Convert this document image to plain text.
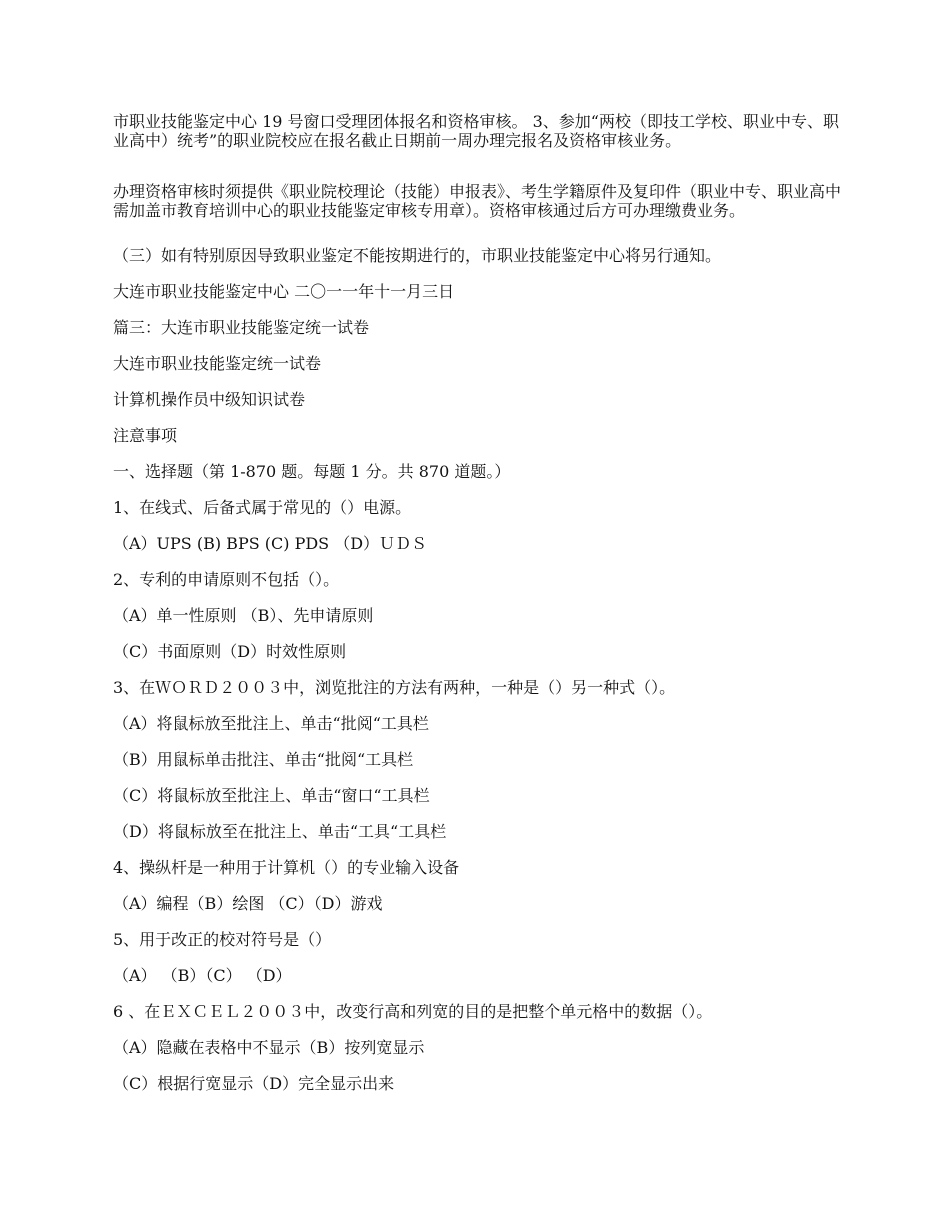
市职业技能鉴定中心 19 号窗口受理团体报名和资格审核。 3、参加“两校（即技工学校、职业中专、职业高中）统考”的职业院校应在报名截止日期前一周办理完报名及资格审核业务。

办理资格审核时须提供《职业院校理论（技能）申报表》、考生学籍原件及复印件（职业中专、职业高中需加盖市教育培训中心的职业技能鉴定审核专用章）。资格审核通过后方可办理缴费业务。

（三）如有特别原因导致职业鉴定不能按期进行的，市职业技能鉴定中心将另行通知。

大连市职业技能鉴定中心 二〇一一年十一月三日

篇三：大连市职业技能鉴定统一试卷

大连市职业技能鉴定统一试卷

计算机操作员中级知识试卷

注意事项

一、选择题（第 1-870 题。每题 1 分。共 870 道题。）

1、在线式、后备式属于常见的（）电源。

（A）UPS (B) BPS (C) PDS （D）ＵＤＳ

2、专利的申请原则不包括（）。

（A）单一性原则 （B）、先申请原则

（C）书面原则（D）时效性原则

3、在ＷＯＲＤ２００３中，浏览批注的方法有两种，一种是（）另一种式（）。

（A）将鼠标放至批注上、单击“批阅“工具栏

（B）用鼠标单击批注、单击“批阅“工具栏

（C）将鼠标放至批注上、单击“窗口“工具栏

（D）将鼠标放至在批注上、单击“工具“工具栏

4、操纵杆是一种用于计算机（）的专业输入设备

（A）编程（B）绘图 （C）（D）游戏

5、用于改正的校对符号是（）

（A） （B）（C） （D）

6 、在ＥＸＣＥＬ２００３中，改变行高和列宽的目的是把整个单元格中的数据（）。

（A）隐藏在表格中不显示（B）按列宽显示

（C）根据行宽显示（D）完全显示出来
